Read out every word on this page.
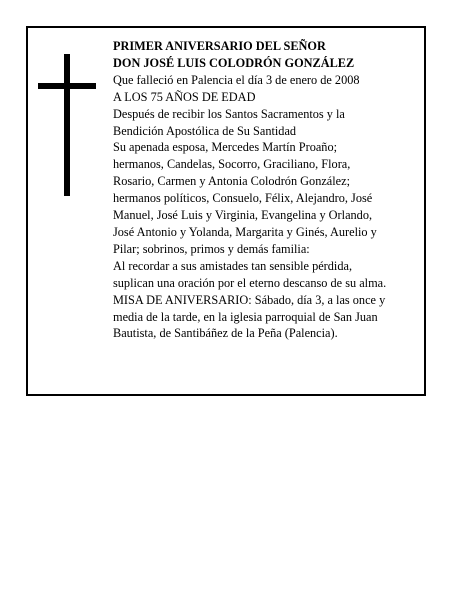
PRIMER ANIVERSARIO DEL SEÑOR
DON JOSÉ LUIS COLODRÓN GONZÁLEZ
Que falleció en Palencia el día 3 de enero de 2008
A LOS 75 AÑOS DE EDAD
Después de recibir los Santos Sacramentos y la
Bendición Apostólica de Su Santidad
Su apenada esposa, Mercedes Martín Proaño;
hermanos, Candelas, Socorro, Graciliano, Flora,
Rosario, Carmen y Antonia Colodrón González;
hermanos políticos, Consuelo, Félix, Alejandro, José
Manuel, José Luis y Virginia, Evangelina y Orlando,
José Antonio y Yolanda, Margarita y Ginés, Aurelio y
Pilar; sobrinos, primos y demás familia:
Al recordar a sus amistades tan sensible pérdida,
suplican una oración por el eterno descanso de su alma.
MISA DE ANIVERSARIO: Sábado, día 3, a las once y
media de la tarde, en la iglesia parroquial de San Juan
Bautista, de Santibáñez de la Peña (Palencia).
